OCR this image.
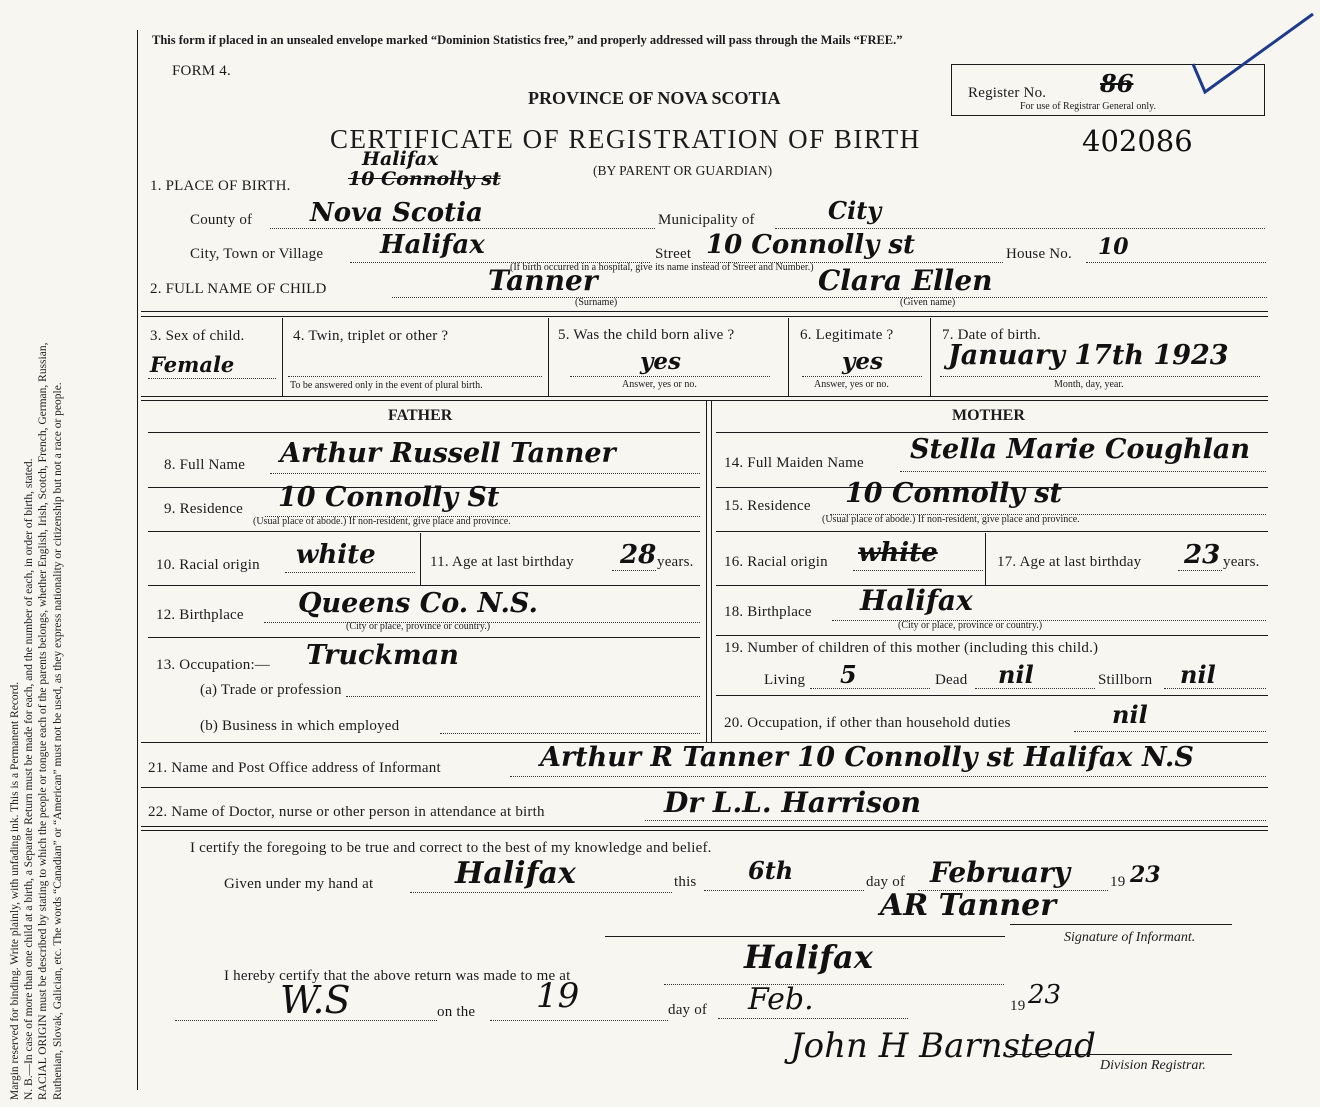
Margin reserved for binding. Write plainly, with unfading ink. This is a Permanent Record. N. B.—In case of more than one child at a birth, a Separate Return must be made for each, and the number of each, in order of birth, stated. RACIAL ORIGIN must be described by stating to which the people or tongue each of the parents belongs, whether English, Irish, Scotch, French, German, Russian, Ruthenian, Slovak, Galician, etc. The words “Canadian” or “American” must not be used, as they express nationality or citizenship but not a race or people.
This form if placed in an unsealed envelope marked “Dominion Statistics free,” and properly addressed will pass through the Mails “FREE.”
FORM 4.
PROVINCE OF NOVA SCOTIA
CERTIFICATE OF REGISTRATION OF BIRTH	402086
(BY PARENT OR GUARDIAN)
Register No. 86
For use of Registrar General only.
1. PLACE OF BIRTH.	10 Connolly st
Halifax
County of Nova Scotia	Municipality of	City
City, Town or Village Halifax	Street 10 Connolly st	House No. 10
(If birth occurred in a hospital, give its name instead of Street and Number.)
2. FULL NAME OF CHILD	Tanner
(Surname)
Clara Ellen
(Given name)
3. Sex of child.
Female
4. Twin, triplet or other ?
To be answered only in the event of plural birth.
5. Was the child born alive ?
yes
Answer, yes or no.
6. Legitimate ?
yes
Answer, yes or no.
7. Date of birth.
January 17th 1923
Month, day, year.
FATHER
8. Full Name Arthur Russell Tanner
9. Residence 10 Connolly St
(Usual place of abode.) If non-resident, give place and province.
10. Racial origin white	11. Age at last birthday 28 years.
12. Birthplace Queens Co. N.S.
(City or place, province or country.)
13. Occupation:— Truckman
(a) Trade or profession
(b) Business in which employed
MOTHER
14. Full Maiden Name Stella Marie Coughlan
15. Residence 10 Connolly st
(Usual place of abode.) If non-resident, give place and province.
16. Racial origin white	17. Age at last birthday 23 years.
18. Birthplace Halifax
(City or place, province or country.)
19. Number of children of this mother (including this child.)
Living 5	Dead nil	Stillborn nil
20. Occupation, if other than household duties	nil
21. Name and Post Office address of Informant	Arthur R Tanner 10 Connolly st Halifax N.S
22. Name of Doctor, nurse or other person in attendance at birth	Dr L.L. Harrison
I certify the foregoing to be true and correct to the best of my knowledge and belief.
Given under my hand at	Halifax	this 6th	day of February	19 23
AR Tanner
Signature of Informant.
I hereby certify that the above return was made to me at	Halifax
W.S	on the 19	day of Feb.	19 23
John H Barnstead Division Registrar.
